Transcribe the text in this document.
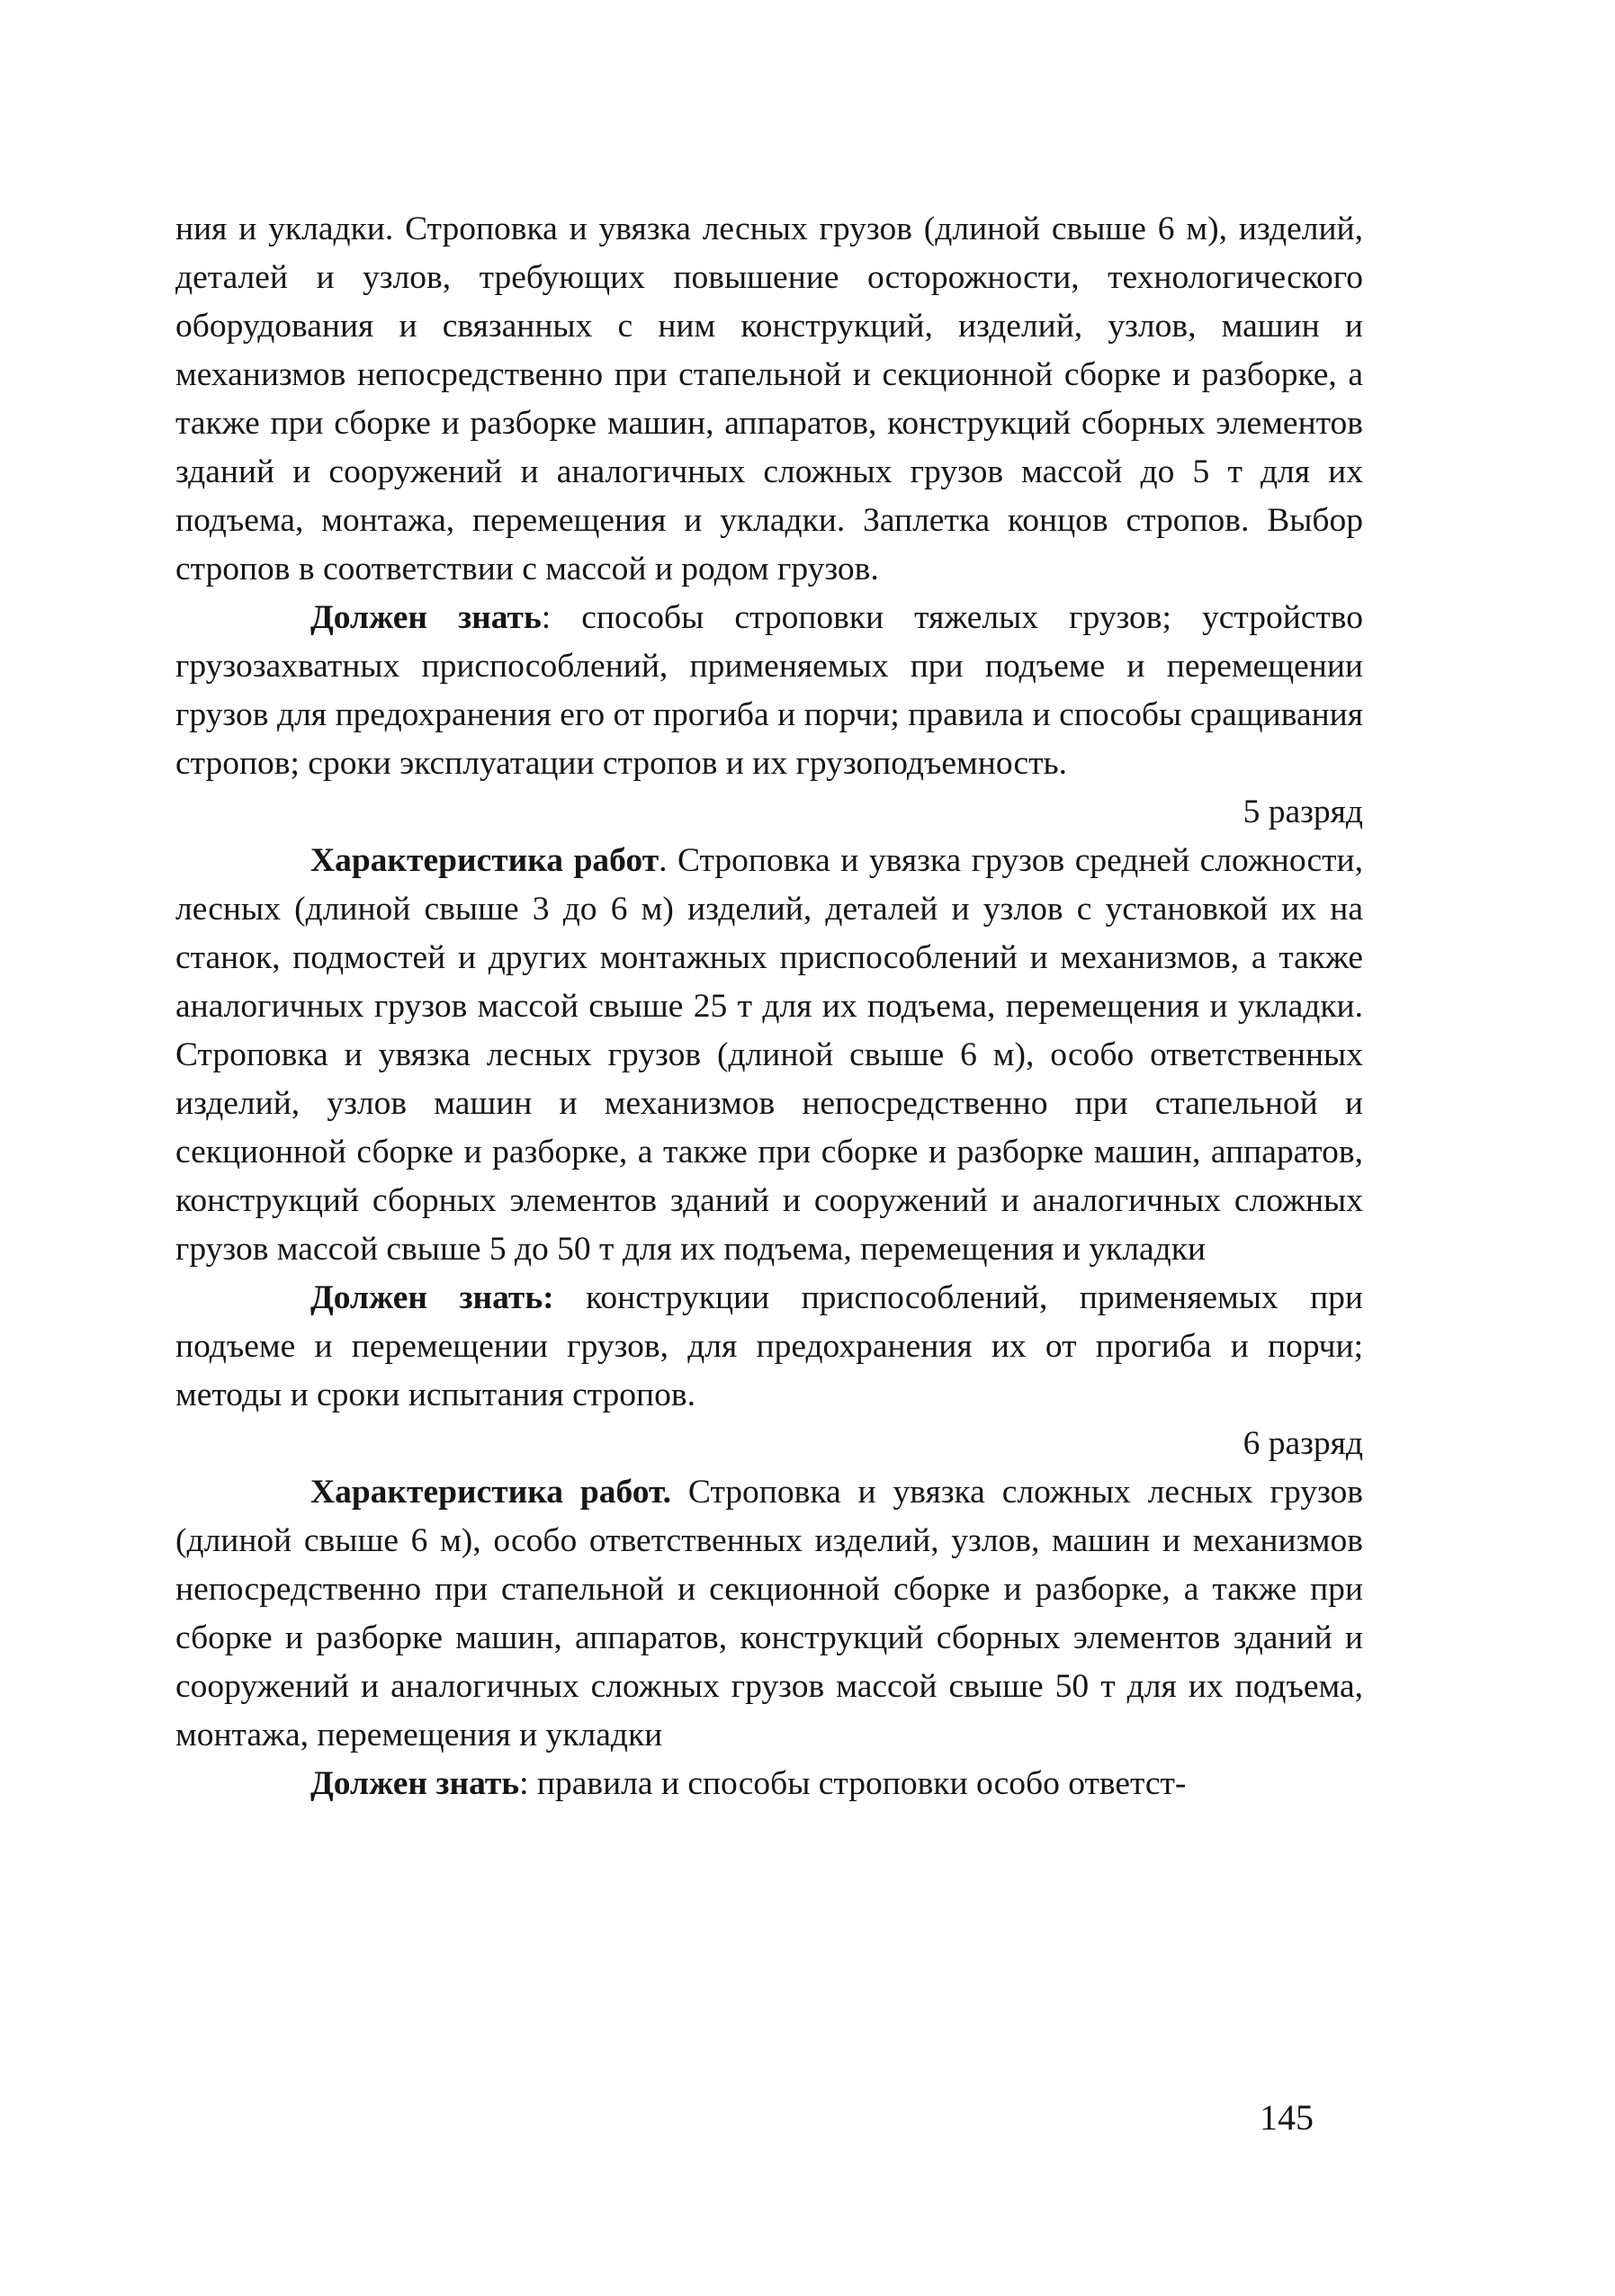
ния и укладки. Строповка и увязка лесных грузов (длиной свыше 6 м), изделий, деталей и узлов, требующих повышение осторожности, технологического оборудования и связанных с ним конструкций, изделий, узлов, машин и механизмов непосредственно при стапельной и секционной сборке и разборке, а также при сборке и разборке машин, аппаратов, конструкций сборных элементов зданий и сооружений и аналогичных сложных грузов массой до 5 т для их подъема, монтажа, перемещения и укладки. Заплетка концов стропов. Выбор стропов в соответствии с массой и родом грузов.

Должен знать: способы строповки тяжелых грузов; устройство грузозахватных приспособлений, применяемых при подъеме и перемещении грузов для предохранения его от прогиба и порчи; правила и способы сращивания стропов; сроки эксплуатации стропов и их грузоподъемность.

5 разряд

Характеристика работ. Строповка и увязка грузов средней сложности, лесных (длиной свыше 3 до 6 м) изделий, деталей и узлов с установкой их на станок, подмостей и других монтажных приспособлений и механизмов, а также аналогичных грузов массой свыше 25 т для их подъема, перемещения и укладки. Строповка и увязка лесных грузов (длиной свыше 6 м), особо ответственных изделий, узлов машин и механизмов непосредственно при стапельной и секционной сборке и разборке, а также при сборке и разборке машин, аппаратов, конструкций сборных элементов зданий и сооружений и аналогичных сложных грузов массой свыше 5 до 50 т для их подъема, перемещения и укладки

Должен знать: конструкции приспособлений, применяемых при подъеме и перемещении грузов, для предохранения их от прогиба и порчи; методы и сроки испытания стропов.

6 разряд

Характеристика работ. Строповка и увязка сложных лесных грузов (длиной свыше 6 м), особо ответственных изделий, узлов, машин и механизмов непосредственно при стапельной и секционной сборке и разборке, а также при сборке и разборке машин, аппаратов, конструкций сборных элементов зданий и сооружений и аналогичных сложных грузов массой свыше 50 т для их подъема, монтажа, перемещения и укладки

Должен знать: правила и способы строповки особо ответст-

145
